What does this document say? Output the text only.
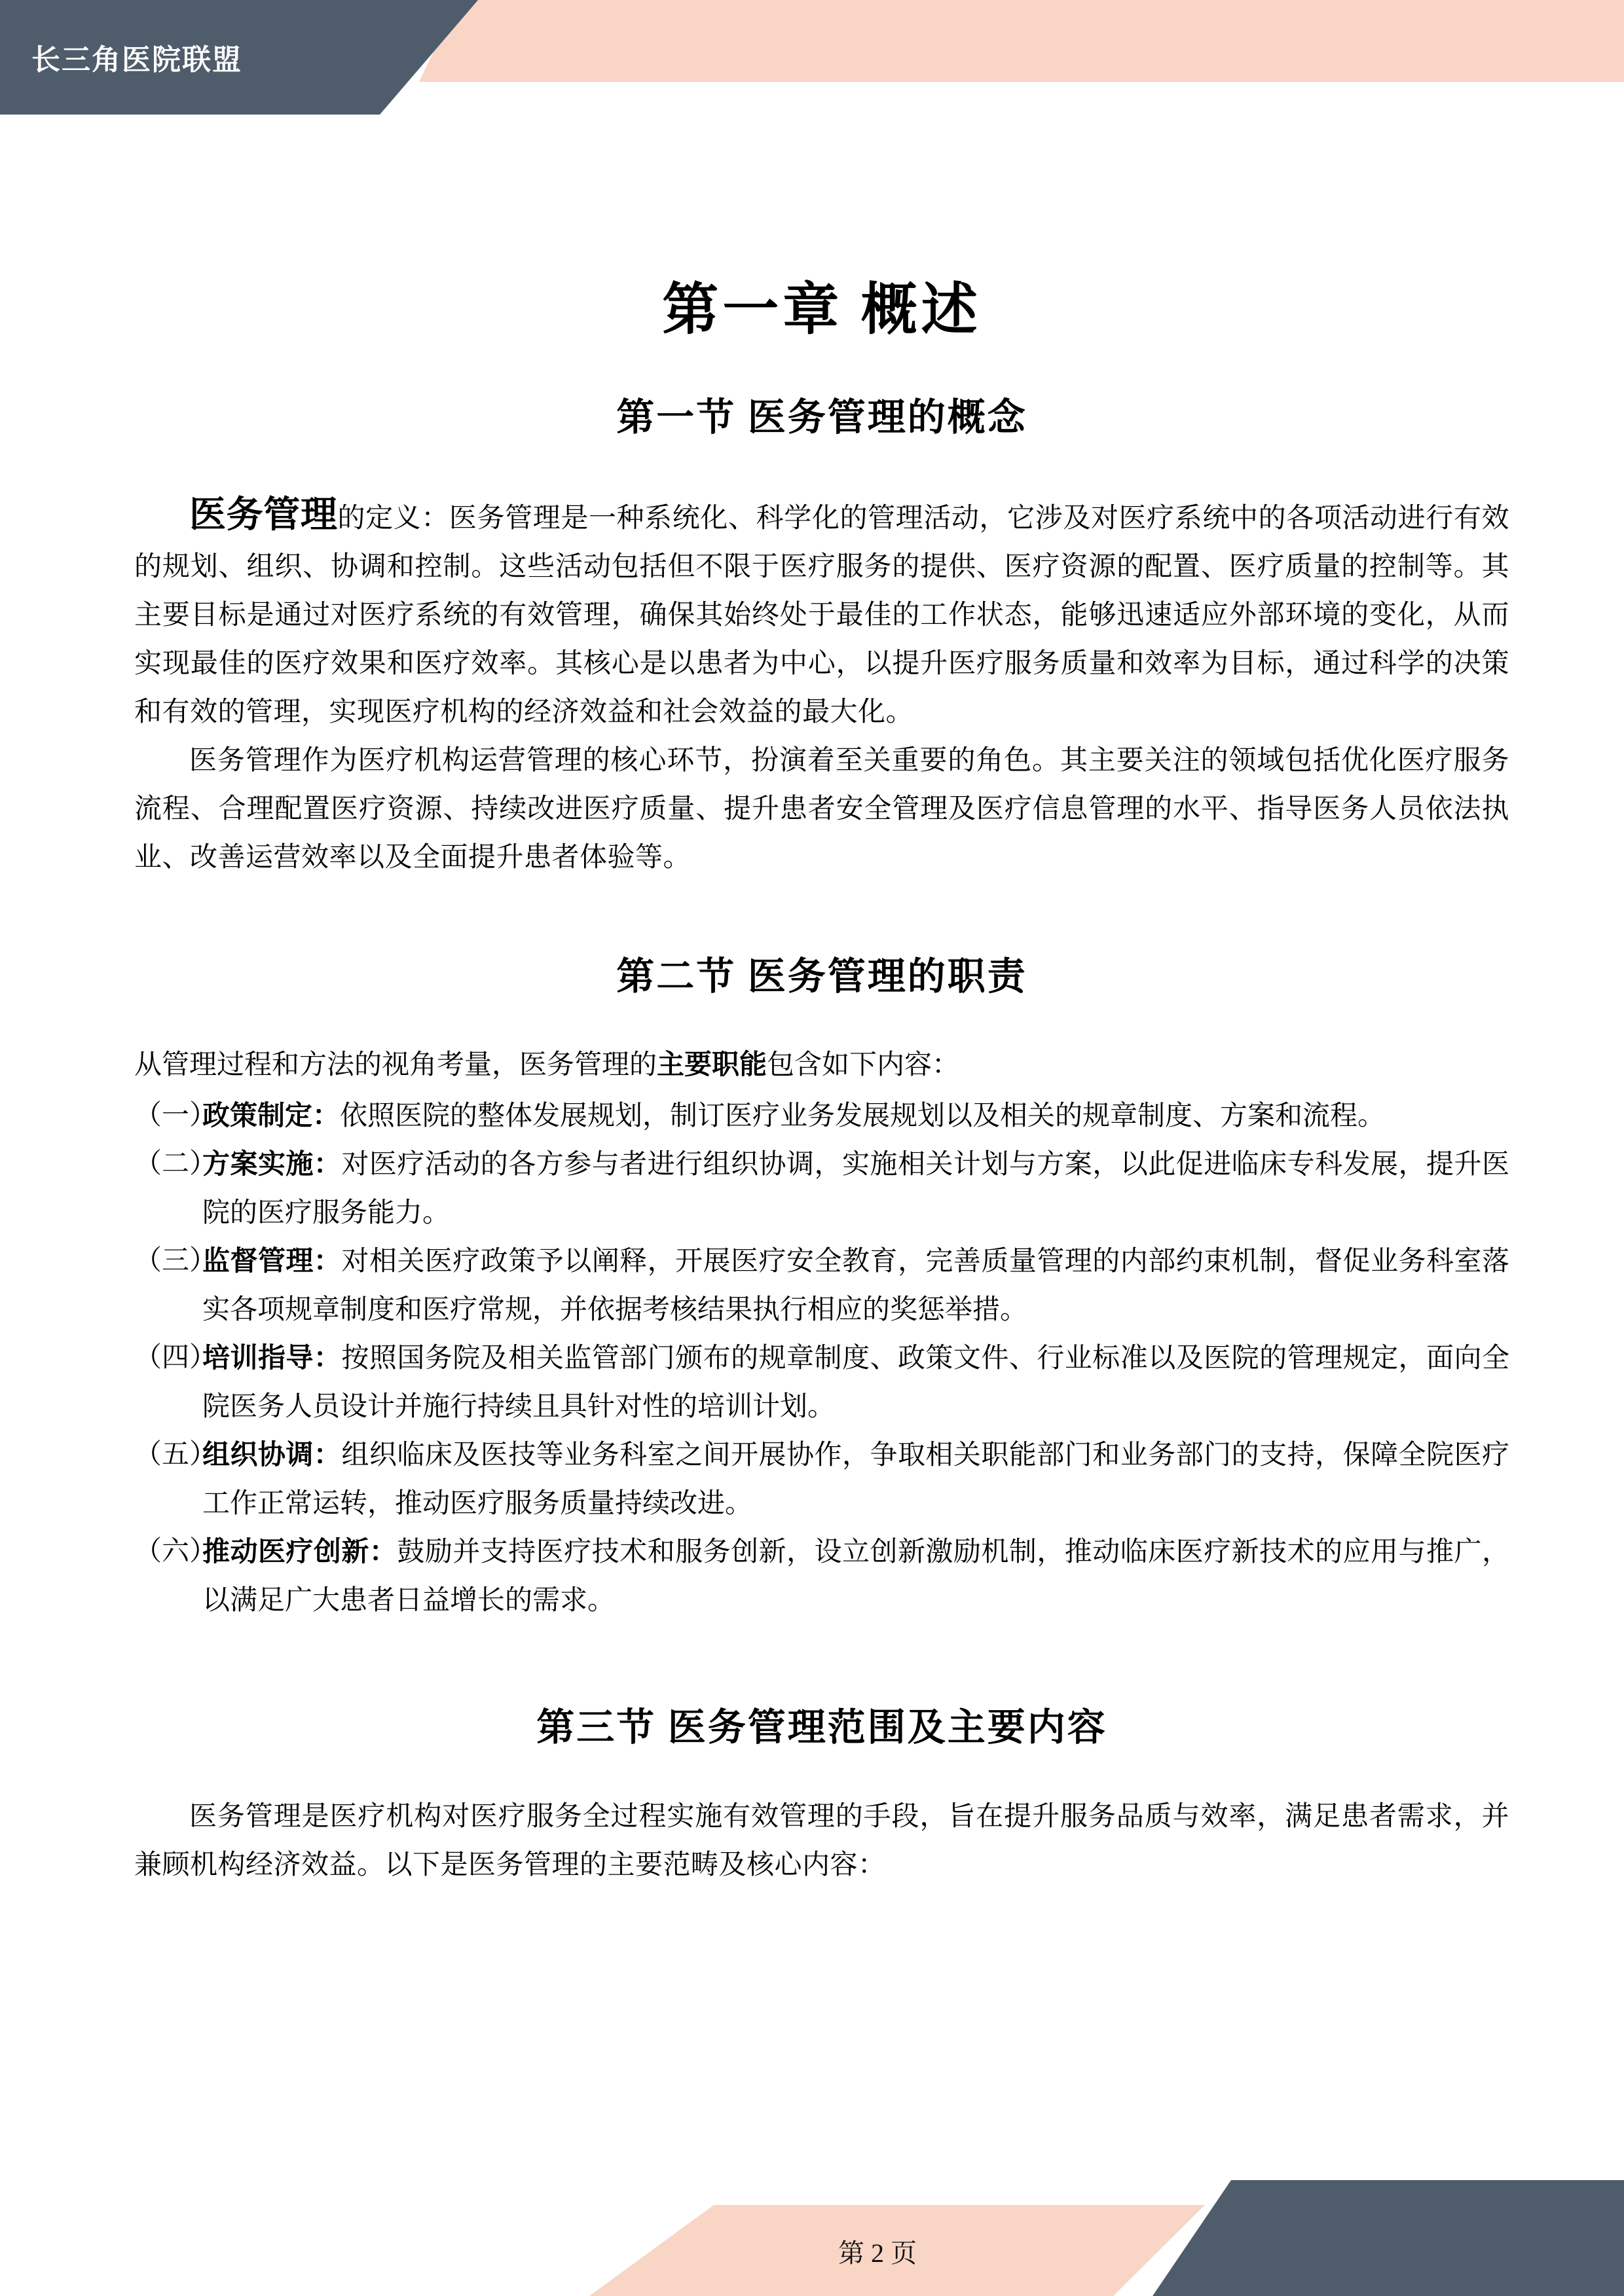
长三角医院联盟
第一章 概述
第一节 医务管理的概念

医务管理的定义：医务管理是一种系统化、科学化的管理活动，它涉及对医疗系统中的各项活动进行有效的规划、组织、协调和控制。这些活动包括但不限于医疗服务的提供、医疗资源的配置、医疗质量的控制等。其主要目标是通过对医疗系统的有效管理，确保其始终处于最佳的工作状态，能够迅速适应外部环境的变化，从而实现最佳的医疗效果和医疗效率。其核心是以患者为中心，以提升医疗服务质量和效率为目标，通过科学的决策和有效的管理，实现医疗机构的经济效益和社会效益的最大化。

医务管理作为医疗机构运营管理的核心环节，扮演着至关重要的角色。其主要关注的领域包括优化医疗服务流程、合理配置医疗资源、持续改进医疗质量、提升患者安全管理及医疗信息管理的水平、指导医务人员依法执业、改善运营效率以及全面提升患者体验等。

第二节 医务管理的职责

从管理过程和方法的视角考量，医务管理的主要职能包含如下内容：

（一）
政策制定：依照医院的整体发展规划，制订医疗业务发展规划以及相关的规章制度、方案和流程。
（二）
方案实施：对医疗活动的各方参与者进行组织协调，实施相关计划与方案，以此促进临床专科发展，提升医院的医疗服务能力。
（三）
监督管理：对相关医疗政策予以阐释，开展医疗安全教育，完善质量管理的内部约束机制，督促业务科室落实各项规章制度和医疗常规，并依据考核结果执行相应的奖惩举措。
（四）
培训指导：按照国务院及相关监管部门颁布的规章制度、政策文件、行业标准以及医院的管理规定，面向全院医务人员设计并施行持续且具针对性的培训计划。
（五）
组织协调：组织临床及医技等业务科室之间开展协作，争取相关职能部门和业务部门的支持，保障全院医疗工作正常运转，推动医疗服务质量持续改进。
（六）
推动医疗创新：鼓励并支持医疗技术和服务创新，设立创新激励机制，推动临床医疗新技术的应用与推广，以满足广大患者日益增长的需求。
第三节 医务管理范围及主要内容

医务管理是医疗机构对医疗服务全过程实施有效管理的手段，旨在提升服务品质与效率，满足患者需求，并兼顾机构经济效益。以下是医务管理的主要范畴及核心内容：

第 2 页
